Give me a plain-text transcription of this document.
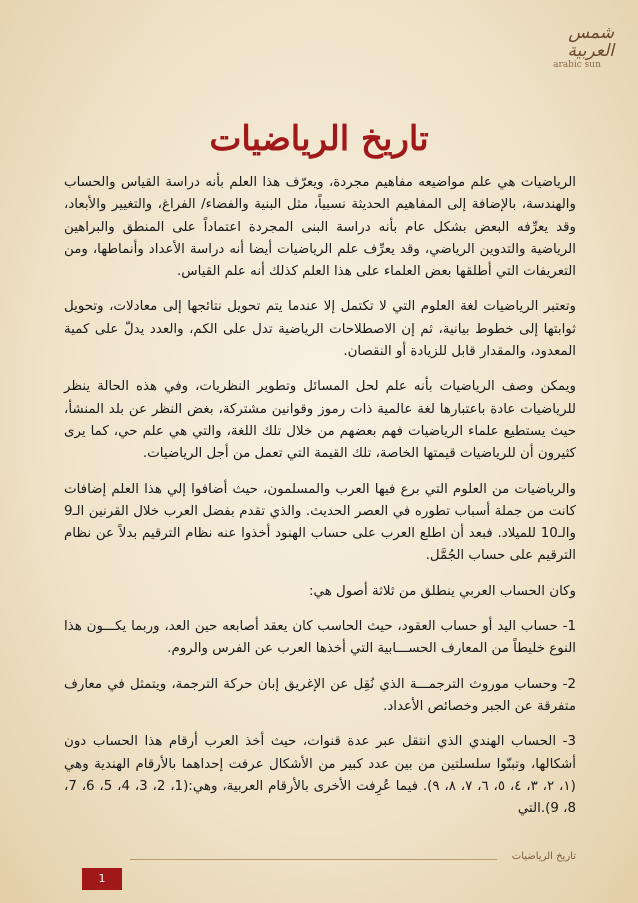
شمس العربية
arabic sun
تاريخ الرياضيات

الرياضيات هي علم مواضيعه مفاهيم مجردة، ويعرّف هذا العلم بأنه دراسة القياس والحساب والهندسة، بالإضافة إلى المفاهيم الحديثة نسبياً، مثل البنية والفضاء/ الفراغ، والتغيير والأبعاد، وقد يعرِّفه البعض بشكل عام بأنه دراسة البنى المجردة اعتماداً على المنطق والبراهين الرياضية والتدوين الرياضي، وقد يعرِّف علم الرياضيات أيضا أنه دراسة الأعداد وأنماطها، ومن التعريفات التي أطلقها بعض العلماء على هذا العلم كذلك أنه علم القياس.

وتعتبر الرياضيات لغة العلوم التي لا تكتمل إلا عندما يتم تحويل نتائجها إلى معادلات، وتحويل ثوابتها إلى خطوط بيانية، ثم إن الاصطلاحات الرياضية تدل على الكم، والعدد يدلّ على كمية المعدود، والمقدار قابل للزيادة أو النقصان.

ويمكن وصف الرياضيات بأنه علم لحل المسائل وتطوير النظريات، وفي هذه الحالة ينظر للرياضيات عادة باعتبارها لغة عالمية ذات رموز وقوانين مشتركة، بغض النظر عن بلد المنشأ، حيث يستطيع علماء الرياضيات فهم بعضهم من خلال تلك اللغة، والتي هي علم حي، كما يرى كثيرون أن للرياضيات قيمتها الخاصة، تلك القيمة التي تعمل من أجل الرياضيات.

والرياضيات من العلوم التي برع فيها العرب والمسلمون، حيث أضافوا إلي هذا العلم إضافات كانت من جملة أسباب تطوره في العصر الحديث. والذي تقدم بفضل العرب خلال القرنين الـ9 والـ10 للميلاد. فبعد أن اطلع العرب على حساب الهنود أخذوا عنه نظام الترقيم بدلاً عن نظام الترقيم على حساب الجُمَّل.

وكان الحساب العربي ينطلق من ثلاثة أصول هي:

1- حساب اليد أو حساب العقود، حيث الحاسب كان يعقد أصابعه حين العد، وربما يكـــون هذا النوع خليطاً من المعارف الحســـابية التي أخذها العرب عن الفرس والروم.

2- وحساب موروث الترجمـــة الذي نُقِل عن الإغريق إبان حركة الترجمة، ويتمثل في معارف متفرقة عن الجبر وخصائص الأعداد.

3- الحساب الهندي الذي انتقل عبر عدة قنوات، حيث أخذ العرب أرقام هذا الحساب دون أشكالها، وتبنّوا سلسلتين من بين عدد كبير من الأشكال عرفت إحداهما بالأرقام الهندية وهي (١، ٢، ٣، ٤، ٥، ٦، ٧، ٨، ٩). فيما عُرِفت الأخرى بالأرقام العربية، وهي:(1، 2، 3، 4، 5، 6، 7، 8، 9).التي

تاريخ الرياضيات
1
